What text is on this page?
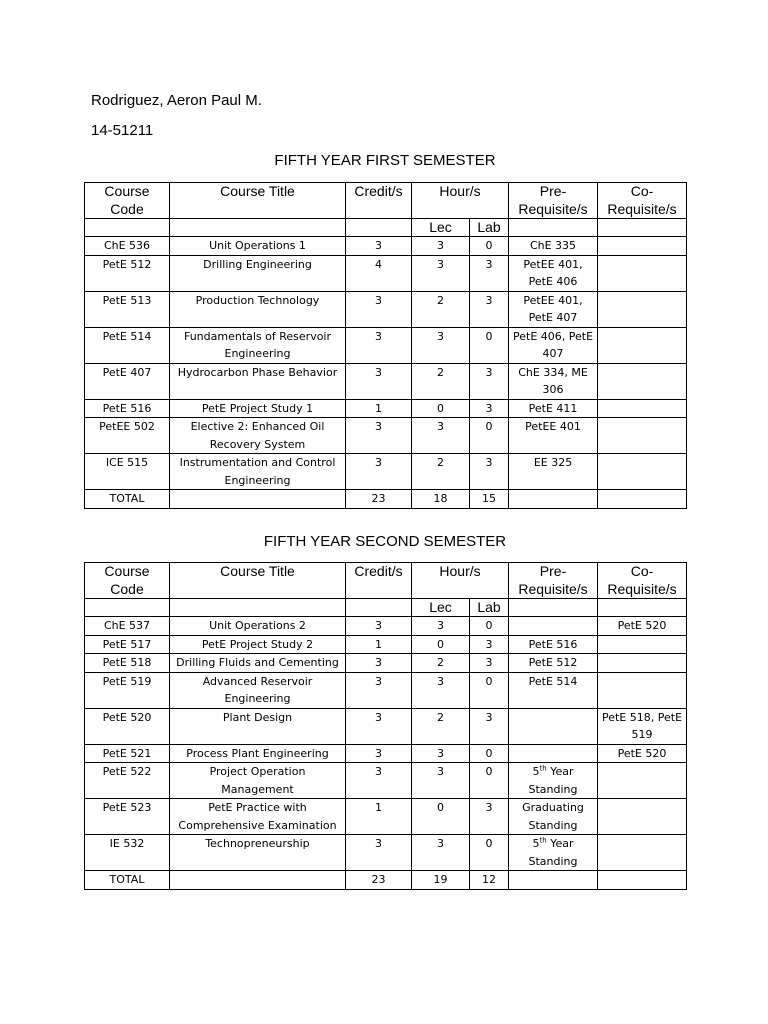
Rodriguez, Aeron Paul M.
14-51211
FIFTH YEAR FIRST SEMESTER
Course Code	Course Title	Credit/s	Hour/s		Pre-Requisite/s	Co-Requisite/s
			Lec	Lab		
ChE 536	Unit Operations 1	3	3	0	ChE 335	
PetE 512	Drilling Engineering	4	3	3	PetEE 401, PetE 406	
PetE 513	Production Technology	3	2	3	PetEE 401, PetE 407	
PetE 514	Fundamentals of Reservoir Engineering	3	3	0	PetE 406, PetE 407	
PetE 407	Hydrocarbon Phase Behavior	3	2	3	ChE 334, ME 306	
PetE 516	PetE Project Study 1	1	0	3	PetE 411	
PetEE 502	Elective 2: Enhanced Oil Recovery System	3	3	0	PetEE 401	
ICE 515	Instrumentation and Control Engineering	3	2	3	EE 325	
TOTAL		23	18	15		
FIFTH YEAR SECOND SEMESTER
Course Code	Course Title	Credit/s	Hour/s		Pre-Requisite/s	Co-Requisite/s
			Lec	Lab		
ChE 537	Unit Operations 2	3	3	0		PetE 520
PetE 517	PetE Project Study 2	1	0	3	PetE 516	
PetE 518	Drilling Fluids and Cementing	3	2	3	PetE 512	
PetE 519	Advanced Reservoir Engineering	3	3	0	PetE 514	
PetE 520	Plant Design	3	2	3		PetE 518, PetE 519
PetE 521	Process Plant Engineering	3	3	0		PetE 520
PetE 522	Project Operation Management	3	3	0	5th Year Standing	
PetE 523	PetE Practice with Comprehensive Examination	1	0	3	Graduating Standing	
IE 532	Technopreneurship	3	3	0	5th Year Standing	
TOTAL		23	19	12		
